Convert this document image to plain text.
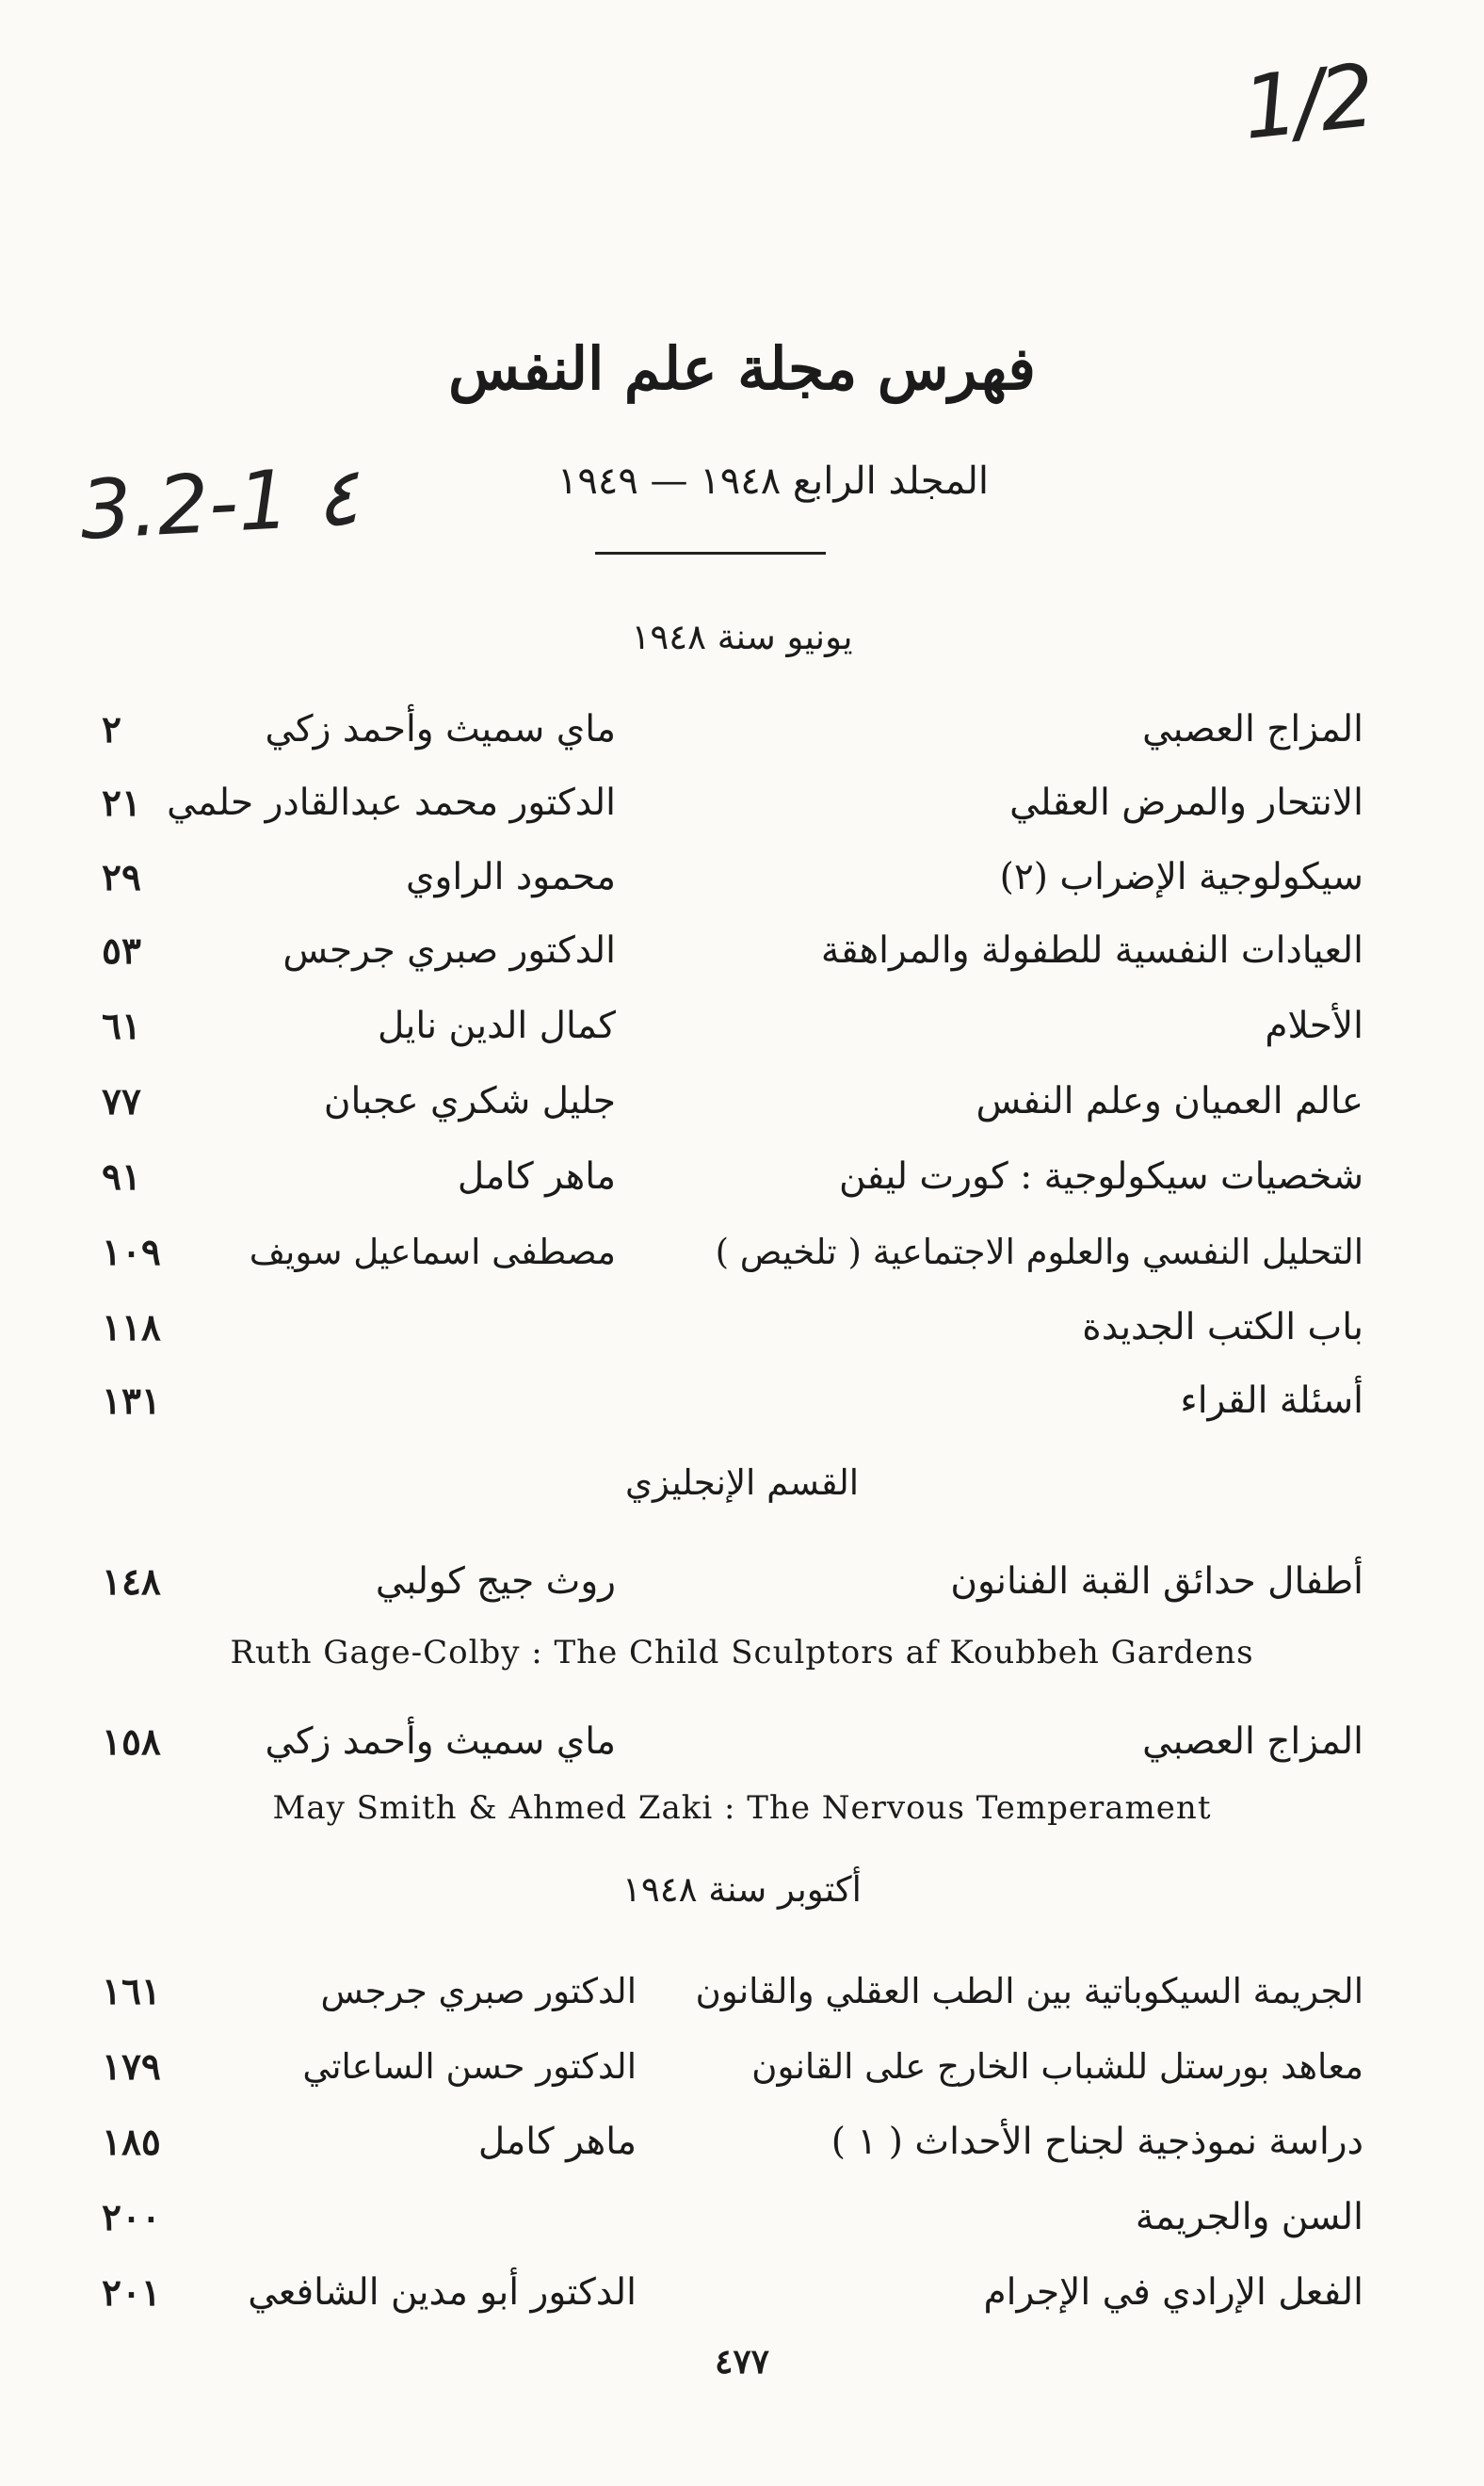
1/2
3.2-1 ٤
فهرس مجلة علم النفس
المجلد الرابع ١٩٤٨ — ١٩٤٩
يونيو سنة ١٩٤٨
المزاج العصبي
ماي سميث وأحمد زكي
٢
الانتحار والمرض العقلي
الدكتور محمد عبدالقادر حلمي
٢١
سيكولوجية الإضراب (٢)
محمود الراوي
٢٩
العيادات النفسية للطفولة والمراهقة
الدكتور صبري جرجس
٥٣
الأحلام
كمال الدين نايل
٦١
عالم العميان وعلم النفس
جليل شكري عجبان
٧٧
شخصيات سيكولوجية : كورت ليفن
ماهر كامل
٩١
التحليل النفسي والعلوم الاجتماعية ( تلخيص )
مصطفى اسماعيل سويف
١٠٩
باب الكتب الجديدة
١١٨
أسئلة القراء
١٣١
القسم الإنجليزي
أطفال حدائق القبة الفنانون
روث جيج كولبي
١٤٨
Ruth Gage-Colby : The Child Sculptors af Koubbeh Gardens
المزاج العصبي
ماي سميث وأحمد زكي
١٥٨
May Smith & Ahmed Zaki : The Nervous Temperament
أكتوبر سنة ١٩٤٨
الجريمة السيكوباتية بين الطب العقلي والقانون
الدكتور صبري جرجس
١٦١
معاهد بورستل للشباب الخارج على القانون
الدكتور حسن الساعاتي
١٧٩
دراسة نموذجية لجناح الأحداث ( ١ )
ماهر كامل
١٨٥
السن والجريمة
٢٠٠
الفعل الإرادي في الإجرام
الدكتور أبو مدين الشافعي
٢٠١
٤٧٧
